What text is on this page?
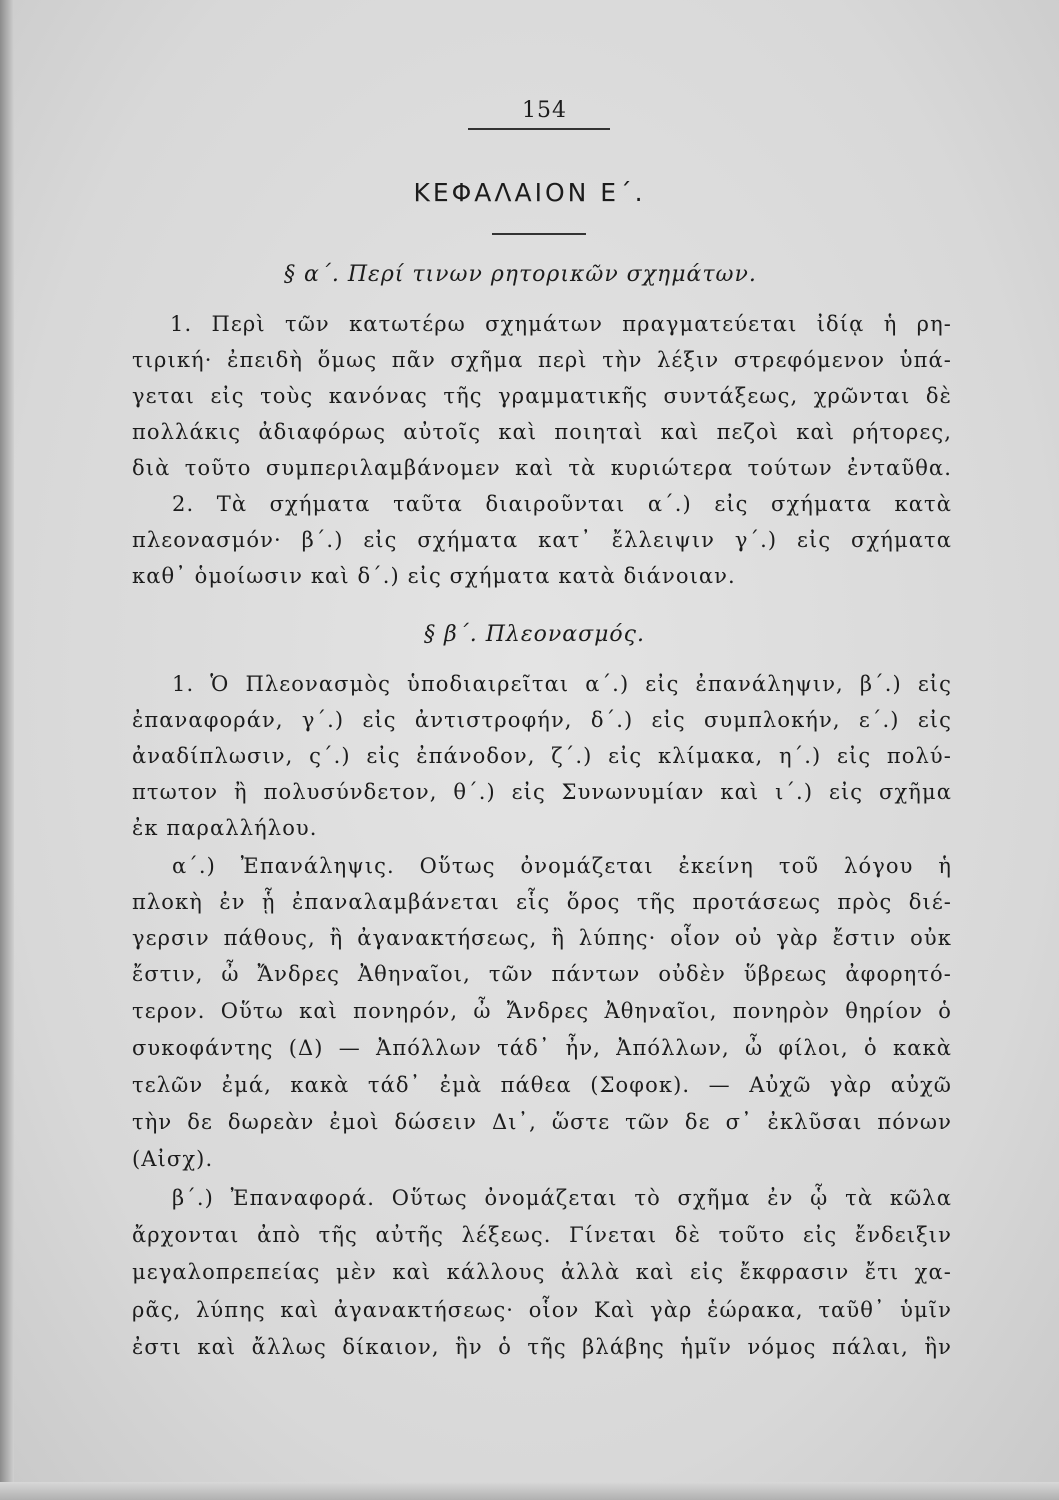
154
ΚΕΦΑΛΑΙΟΝ Ε΄.
§ α΄. Περί τινων ρητορικῶν σχημάτων.
1. Περὶ τῶν κατωτέρω σχημάτων πραγματεύεται ἰδίᾳ ἡ ρη-
τιρική· ἐπειδὴ ὅμως πᾶν σχῆμα περὶ τὴν λέξιν στρεφόμενον ὑπά-
γεται εἰς τοὺς κανόνας τῆς γραμματικῆς συντάξεως, χρῶνται δὲ
πολλάκις ἀδιαφόρως αὐτοῖς καὶ ποιηταὶ καὶ πεζοὶ καὶ ρήτορες,
διὰ τοῦτο συμπεριλαμβάνομεν καὶ τὰ κυριώτερα τούτων ἐνταῦθα.
2. Τὰ σχήματα ταῦτα διαιροῦνται α΄.) εἰς σχήματα κατὰ
πλεονασμόν· β΄.) εἰς σχήματα κατ᾽ ἔλλειψιν γ΄.) εἰς σχήματα
καθ᾽ ὁμοίωσιν καὶ δ΄.) εἰς σχήματα κατὰ διάνοιαν.
§ β΄. Πλεονασμός.
1. Ὁ Πλεονασμὸς ὑποδιαιρεῖται α΄.) εἰς ἐπανάληψιν, β΄.) εἰς
ἐπαναφοράν, γ΄.) εἰς ἀντιστροφήν, δ΄.) εἰς συμπλοκήν, ε΄.) εἰς
ἀναδίπλωσιν, ς΄.) εἰς ἐπάνοδον, ζ΄.) εἰς κλίμακα, η΄.) εἰς πολύ-
πτωτον ἢ πολυσύνδετον, θ΄.) εἰς Συνωνυμίαν καὶ ι΄.) εἰς σχῆμα
ἐκ παραλλήλου.
α΄.) Ἐπανάληψις. Οὕτως ὀνομάζεται ἐκείνη τοῦ λόγου ἡ
πλοκὴ ἐν ᾗ ἐπαναλαμβάνεται εἷς ὅρος τῆς προτάσεως πρὸς διέ-
γερσιν πάθους, ἢ ἀγανακτήσεως, ἢ λύπης· οἷον οὐ γὰρ ἔστιν οὐκ
ἔστιν, ὦ Ἄνδρες Ἀθηναῖοι, τῶν πάντων οὐδὲν ὕβρεως ἀφορητό-
τερον. Οὕτω καὶ πονηρόν, ὦ Ἄνδρες Ἀθηναῖοι, πονηρὸν θηρίον ὁ
συκοφάντης (Δ) — Ἀπόλλων τάδ᾽ ἦν, Ἀπόλλων, ὦ φίλοι, ὁ κακὰ
τελῶν ἐμά, κακὰ τάδ᾽ ἐμὰ πάθεα (Σοφοκ). — Αὐχῶ γὰρ αὐχῶ
τὴν δε δωρεὰν ἐμοὶ δώσειν Δι᾽, ὥστε τῶν δε σ᾽ ἐκλῦσαι πόνων
(Αἰσχ).
β΄.) Ἐπαναφορά. Οὕτως ὀνομάζεται τὸ σχῆμα ἐν ᾧ τὰ κῶλα
ἄρχονται ἀπὸ τῆς αὐτῆς λέξεως. Γίνεται δὲ τοῦτο εἰς ἔνδειξιν
μεγαλοπρεπείας μὲν καὶ κάλλους ἀλλὰ καὶ εἰς ἔκφρασιν ἔτι χα-
ρᾶς, λύπης καὶ ἀγανακτήσεως· οἷον Καὶ γὰρ ἑώρακα, ταῦθ᾽ ὑμῖν
ἐστι καὶ ἄλλως δίκαιον, ἣν ὁ τῆς βλάβης ἡμῖν νόμος πάλαι, ἣν
